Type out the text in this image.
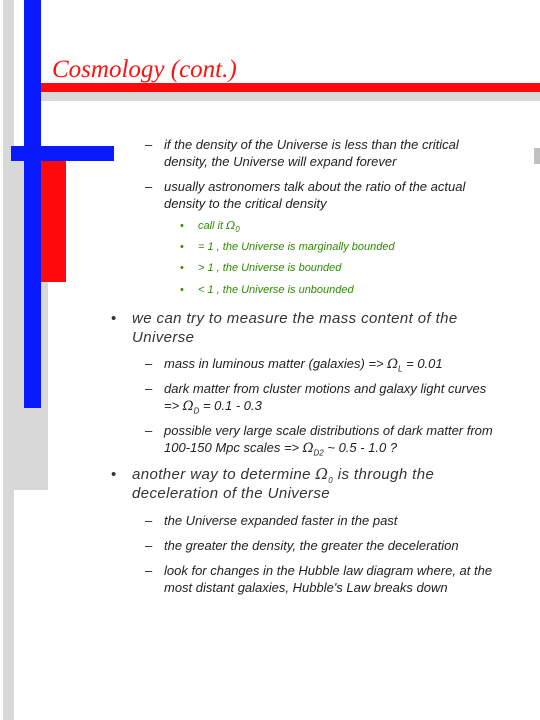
Cosmology (cont.)
– if the density of the Universe is less than the critical
density, the Universe will expand forever
– usually astronomers talk about the ratio of the actual
density to the critical density
• call it $\Omega_0$
• = 1 , the Universe is marginally bounded
• > 1 , the Universe is bounded
• < 1 , the Universe is unbounded
• we can try to measure the mass content of the
Universe
– mass in luminous matter (galaxies) => $\Omega_L = 0.01$
– dark matter from cluster motions and galaxy light curves
=> $\Omega_D = 0.1 - 0.3$
– possible very large scale distributions of dark matter from
100-150 Mpc scales => $\Omega_{D2}$ ~ 0.5 - 1.0 ?
• another way to determine $\Omega_0$ is through the
deceleration of the Universe
– the Universe expanded faster in the past
– the greater the density, the greater the deceleration
– look for changes in the Hubble law diagram where, at the
most distant galaxies, Hubble's Law breaks down
